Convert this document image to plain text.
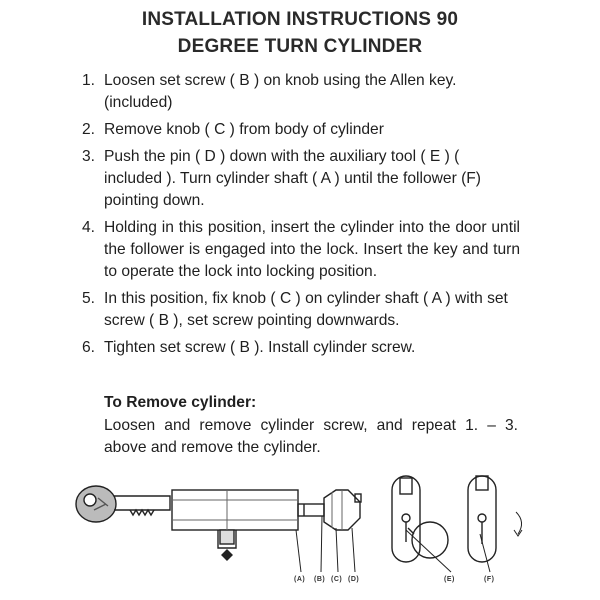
INSTALLATION INSTRUCTIONS 90
DEGREE TURN CYLINDER
1. Loosen set screw ( B ) on knob using the Allen key. (included)
2. Remove knob ( C ) from body of cylinder
3. Push the pin ( D ) down with the auxiliary tool ( E ) ( included ). Turn cylinder shaft ( A ) until the follower (F) pointing down.
4. Holding in this position, insert the cylinder into the door until the follower is engaged into the lock. Insert the key and turn to operate the lock into locking position.
5. In this position, fix knob ( C ) on cylinder shaft ( A ) with set screw ( B ), set screw pointing downwards.
6. Tighten set screw ( B ). Install cylinder screw.
To Remove cylinder:
Loosen and remove cylinder screw, and repeat 1. – 3. above and remove the cylinder.
(A) (B) (C) (D)	(E)	(F)
